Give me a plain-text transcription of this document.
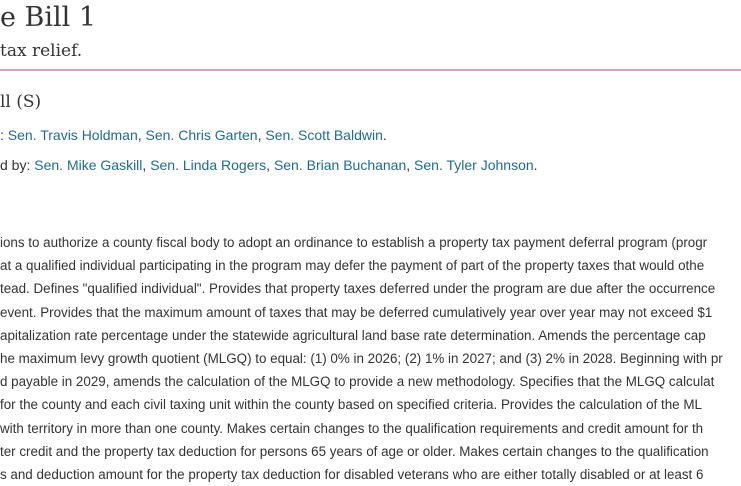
e Bill 1
tax relief.
ll (S)
: Sen. Travis Holdman, Sen. Chris Garten, Sen. Scott Baldwin.
d by: Sen. Mike Gaskill, Sen. Linda Rogers, Sen. Brian Buchanan, Sen. Tyler Johnson.
ions to authorize a county fiscal body to adopt an ordinance to establish a property tax payment deferral program (progr
at a qualified individual participating in the program may defer the payment of part of the property taxes that would othe
tead. Defines "qualified individual". Provides that property taxes deferred under the program are due after the occurrence
event. Provides that the maximum amount of taxes that may be deferred cumulatively year over year may not exceed $1
apitalization rate percentage under the statewide agricultural land base rate determination. Amends the percentage cap
he maximum levy growth quotient (MLGQ) to equal: (1) 0% in 2026; (2) 1% in 2027; and (3) 2% in 2028. Beginning with pr
d payable in 2029, amends the calculation of the MLGQ to provide a new methodology. Specifies that the MLGQ calculat
for the county and each civil taxing unit within the county based on specified criteria. Provides the calculation of the ML
with territory in more than one county. Makes certain changes to the qualification requirements and credit amount for th
ter credit and the property tax deduction for persons 65 years of age or older. Makes certain changes to the qualification
s and deduction amount for the property tax deduction for disabled veterans who are either totally disabled or at least 6
